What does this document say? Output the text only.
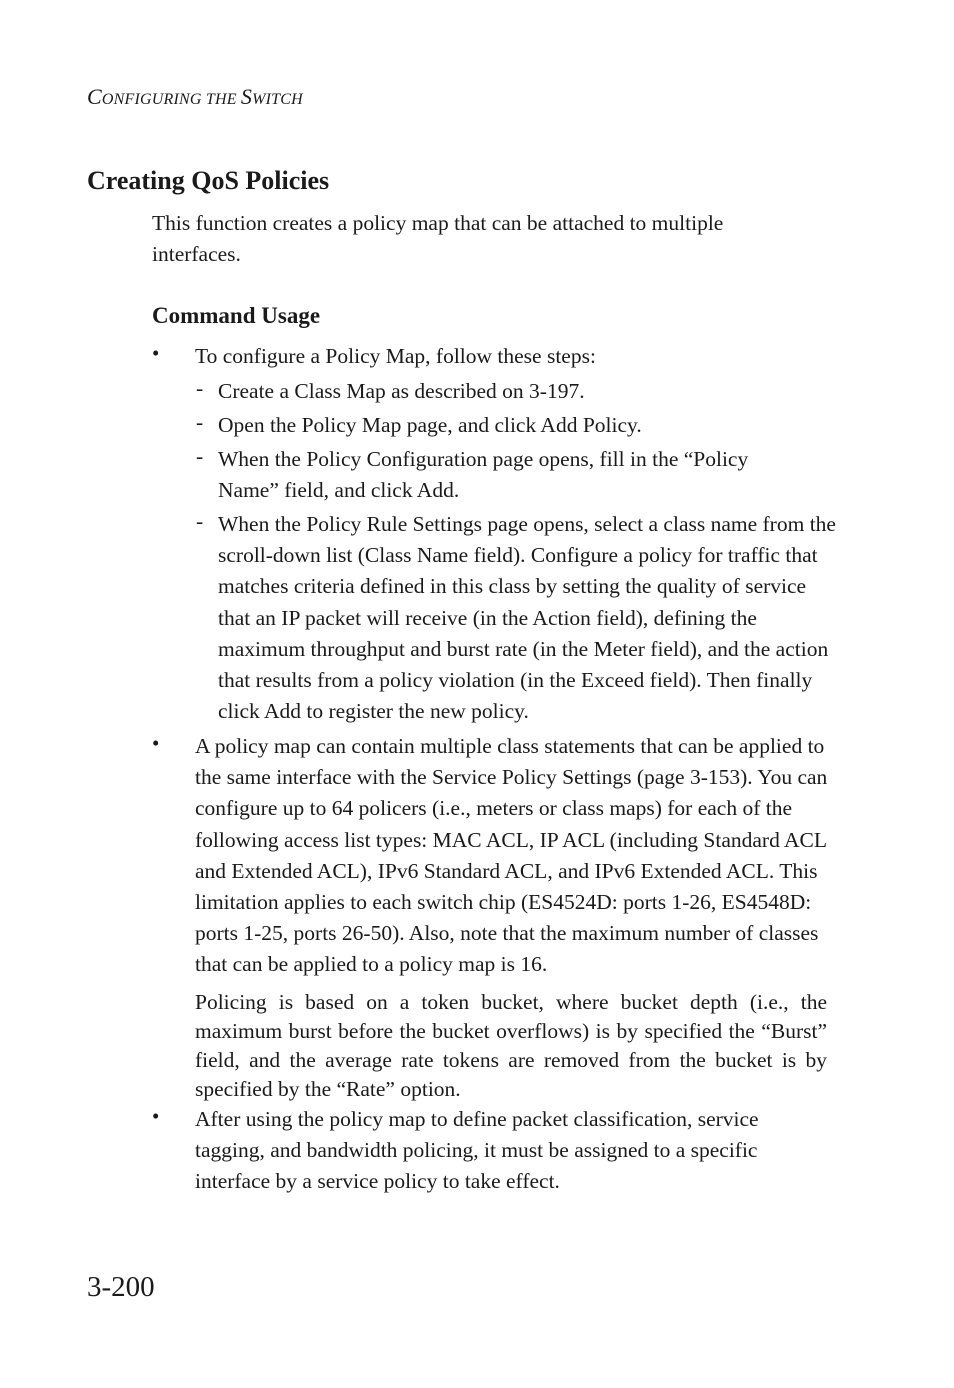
CONFIGURING THE SWITCH
Creating QoS Policies

This function creates a policy map that can be attached to multiple interfaces.

Command Usage
• To configure a Policy Map, follow these steps:

- Create a Class Map as described on 3-197.

- Open the Policy Map page, and click Add Policy.

- When the Policy Configuration page opens, fill in the “Policy Name” field, and click Add.

- When the Policy Rule Settings page opens, select a class name from the scroll-down list (Class Name field). Configure a policy for traffic that matches criteria defined in this class by setting the quality of service that an IP packet will receive (in the Action field), defining the maximum throughput and burst rate (in the Meter field), and the action that results from a policy violation (in the Exceed field). Then finally click Add to register the new policy.

• A policy map can contain multiple class statements that can be applied to the same interface with the Service Policy Settings (page 3-153). You can configure up to 64 policers (i.e., meters or class maps) for each of the following access list types: MAC ACL, IP ACL (including Standard ACL and Extended ACL), IPv6 Standard ACL, and IPv6 Extended ACL. This limitation applies to each switch chip (ES4524D: ports 1-26, ES4548D: ports 1-25, ports 26-50). Also, note that the maximum number of classes that can be applied to a policy map is 16.

Policing is based on a token bucket, where bucket depth (i.e., the maximum burst before the bucket overflows) is by specified the “Burst” field, and the average rate tokens are removed from the bucket is by specified by the “Rate” option.

• After using the policy map to define packet classification, service tagging, and bandwidth policing, it must be assigned to a specific interface by a service policy to take effect.

3-200
